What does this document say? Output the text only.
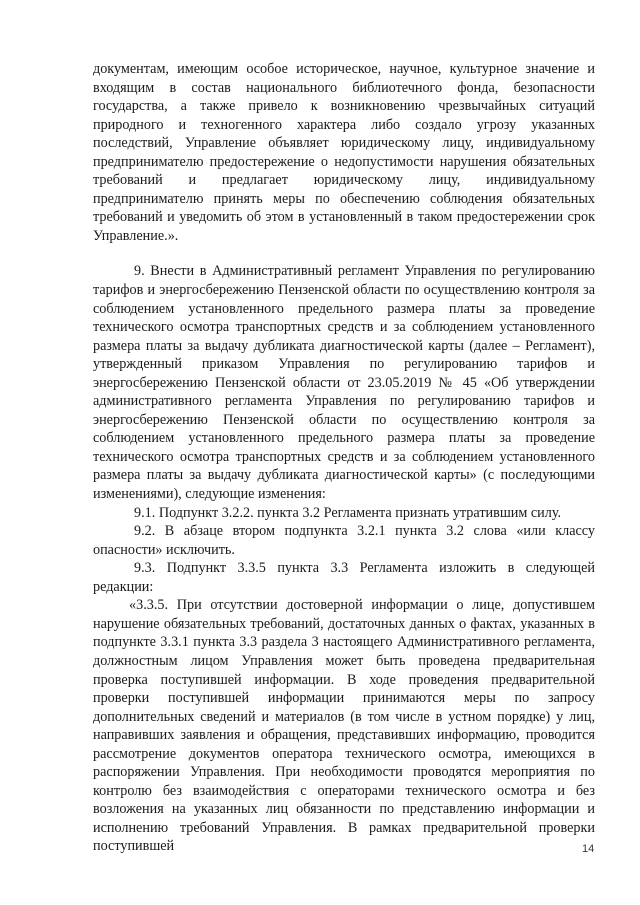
документам, имеющим особое историческое, научное, культурное значение и входящим в состав национального библиотечного фонда, безопасности государства, а также привело к возникновению чрезвычайных ситуаций природного и техногенного характера либо создало угрозу указанных последствий, Управление объявляет юридическому лицу, индивидуальному предпринимателю предостережение о недопустимости нарушения обязательных требований и предлагает юридическому лицу, индивидуальному предпринимателю принять меры по обеспечению соблюдения обязательных требований и уведомить об этом в установленный в таком предостережении срок Управление.».

9. Внести в Административный регламент Управления по регулированию тарифов и энергосбережению Пензенской области по осуществлению контроля за соблюдением установленного предельного размера платы за проведение технического осмотра транспортных средств и за соблюдением установленного размера платы за выдачу дубликата диагностической карты (далее – Регламент), утвержденный приказом Управления по регулированию тарифов и энергосбережению Пензенской области от 23.05.2019 № 45 «Об утверждении административного регламента Управления по регулированию тарифов и энергосбережению Пензенской области по осуществлению контроля за соблюдением установленного предельного размера платы за проведение технического осмотра транспортных средств и за соблюдением установленного размера платы за выдачу дубликата диагностической карты» (с последующими изменениями), следующие изменения:

9.1. Подпункт 3.2.2. пункта 3.2 Регламента признать утратившим силу.

9.2. В абзаце втором подпункта 3.2.1 пункта 3.2 слова «или классу опасности» исключить.

9.3. Подпункт 3.3.5 пункта 3.3 Регламента изложить в следующей редакции:

«3.3.5. При отсутствии достоверной информации о лице, допустившем нарушение обязательных требований, достаточных данных о фактах, указанных в подпункте 3.3.1 пункта 3.3 раздела 3 настоящего Административного регламента, должностным лицом Управления может быть проведена предварительная проверка поступившей информации. В ходе проведения предварительной проверки поступившей информации принимаются меры по запросу дополнительных сведений и материалов (в том числе в устном порядке) у лиц, направивших заявления и обращения, представивших информацию, проводится рассмотрение документов оператора технического осмотра, имеющихся в распоряжении Управления. При необходимости проводятся мероприятия по контролю без взаимодействия с операторами технического осмотра и без возложения на указанных лиц обязанности по представлению информации и исполнению требований Управления. В рамках предварительной проверки поступившей	14
